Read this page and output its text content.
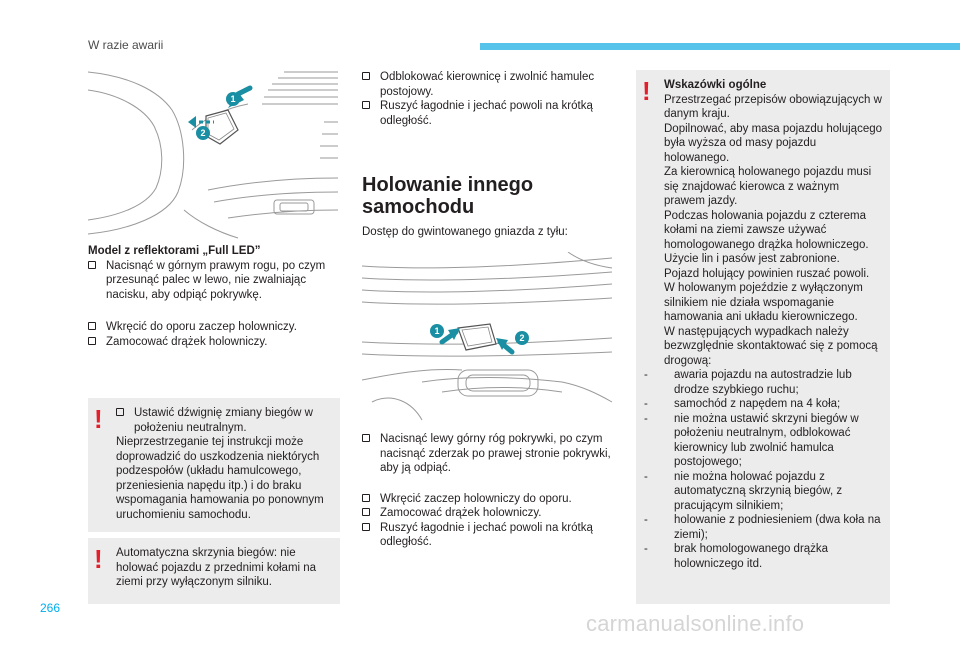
W razie awarii
266
carmanualsonline.info
1
2

Model z reflektorami „Full LED”

Nacisnąć w górnym prawym rogu, po czym przesunąć palec w lewo, nie zwalniając nacisku, aby odpiąć pokrywkę.
Wkręcić do oporu zaczep holowniczy.
Zamocować drążek holowniczy.
!	Ustawić dźwignię zmiany biegów w położeniu neutralnym.

Nieprzestrzeganie tej instrukcji może doprowadzić do uszkodzenia niektórych podzespołów (układu hamulcowego, przeniesienia napędu itp.) i do braku wspomagania hamowania po ponownym uruchomieniu samochodu.

! Automatyczna skrzynia biegów: nie holować pojazdu z przednimi kołami na ziemi przy wyłączonym silniku.

Odblokować kierownicę i zwolnić hamulec postojowy.
Ruszyć łagodnie i jechać powoli na krótką odległość.
Holowanie innego
samochodu
Dostęp do gwintowanego gniazda z tyłu:
1
2
Nacisnąć lewy górny róg pokrywki, po czym nacisnąć zderzak po prawej stronie pokrywki, aby ją odpiąć.
Wkręcić zaczep holowniczy do oporu.
Zamocować drążek holowniczy.
Ruszyć łagodnie i jechać powoli na krótką odległość.
! Wskazówki ogólne

Przestrzegać przepisów obowiązujących w danym kraju.

Dopilnować, aby masa pojazdu holującego była wyższa od masy pojazdu holowanego.

Za kierownicą holowanego pojazdu musi się znajdować kierowca z ważnym prawem jazdy.

Podczas holowania pojazdu z czterema kołami na ziemi zawsze używać homologowanego drążka holowniczego.

Użycie lin i pasów jest zabronione.

Pojazd holujący powinien ruszać powoli.

W holowanym pojeździe z wyłączonym silnikiem nie działa wspomaganie hamowania ani układu kierowniczego.

W następujących wypadkach należy bezwzględnie skontaktować się z pomocą drogową:

- awaria pojazdu na autostradzie lub drodze szybkiego ruchu;
- samochód z napędem na 4 koła;
- nie można ustawić skrzyni biegów w położeniu neutralnym, odblokować kierownicy lub zwolnić hamulca postojowego;
- nie można holować pojazdu z automatyczną skrzynią biegów, z pracującym silnikiem;
- holowanie z podniesieniem (dwa koła na ziemi);
- brak homologowanego drążka holowniczego itd.
